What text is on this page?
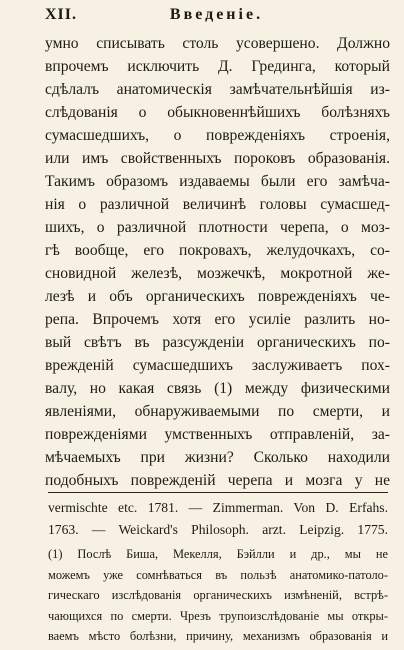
XII.	Введеніе.
умно списывать столь усовершено. Должно
впрочемъ исключить Д. Грединга, который
сдѣлалъ анатомическія замѣчательнѣйшія из-
слѣдованія о обыкновеннѣйшихъ болѣзняхъ
сумасшедшихъ, о поврежденіяхъ строенія,
или имъ свойственныхъ пороковъ образованія.
Такимъ образомъ издаваемы были его замѣча-
нія о различной величинѣ головы сумасшед-
шихъ, о различной плотности черепа, о моз-
гѣ вообще, его покровахъ, желудочкахъ, со-
сновидной железѣ, мозжечкѣ, мокротной же-
лезѣ и объ органическихъ поврежденіяхъ че-
репа. Впрочемъ хотя его усиліе разлить но-
вый свѣтъ въ разсужденіи органическихъ по-
врежденій сумасшедшихъ заслуживаетъ пох-
валу, но какая связь (1) между физическими
явленіями, обнаруживаемыми по смерти, и
поврежденіями умственныхъ отправленій, за-
мѣчаемыхъ при жизни? Сколько находили
подобныхъ поврежденій черепа и мозга у не
vermischte etc. 1781. — Zimmerman. Von D. Erfahs.
1763. — Weickard's Philosoph. arzt. Leipzig. 1775.
(1) Послѣ Биша, Мекелля, Бэйлли и др., мы не
можемъ уже сомнѣваться въ пользѣ анатомико-патоло-
гическаго изслѣдованія органическихъ измѣненій, встрѣ-
чающихся по смерти. Чрезъ трупоизслѣдованіе мы откры-
ваемъ мѣсто болѣзни, причину, механизмъ образованія и
